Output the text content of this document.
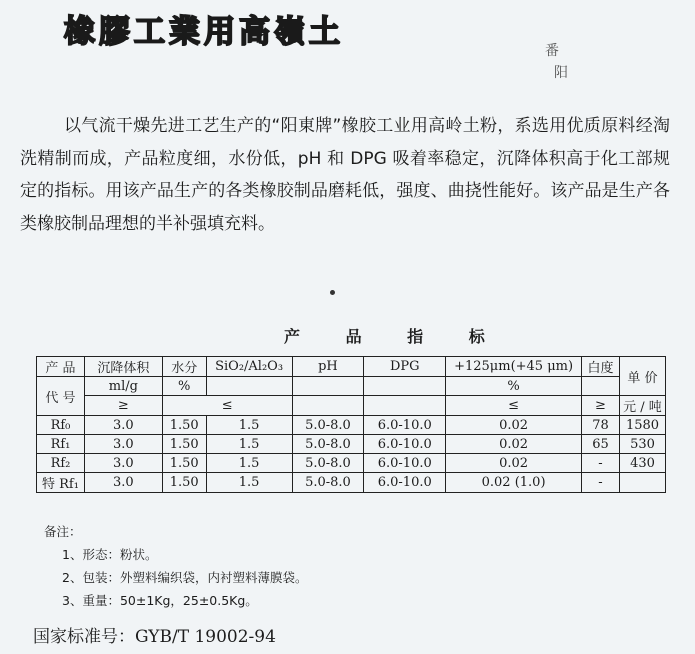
橡膠工業用高嶺土
番
阳
以气流干燥先进工艺生产的“阳東牌”橡胶工业用高岭土粉，系选用优质原料经淘洗精制而成，产品粒度细，水份低，pH 和 DPG 吸着率稳定，沉降体积高于化工部规定的指标。用该产品生产的各类橡胶制品磨耗低，强度、曲挠性能好。该产品是生产各类橡胶制品理想的半补强填充料。
产 品 指 标
产 品	沉降体积	水分	SiO₂/Al₂O₃	pH	DPG	+125μm(+45 μm)	白度	单 价
代 号	ml/g	%				%		
	≥	≤				≤	≥	元 / 吨
Rf₀	3.0	1.50	1.5	5.0-8.0	6.0-10.0	0.02	78	1580
Rf₁	3.0	1.50	1.5	5.0-8.0	6.0-10.0	0.02	65	530
Rf₂	3.0	1.50	1.5	5.0-8.0	6.0-10.0	0.02	-	430
特 Rf₁	3.0	1.50	1.5	5.0-8.0	6.0-10.0	0.02 (1.0)	-	
备注：
1、形态：粉状。
2、包装：外塑料编织袋，内衬塑料薄膜袋。
3、重量：50±1Kg，25±0.5Kg。
国家标准号：GYB/T 19002-94
